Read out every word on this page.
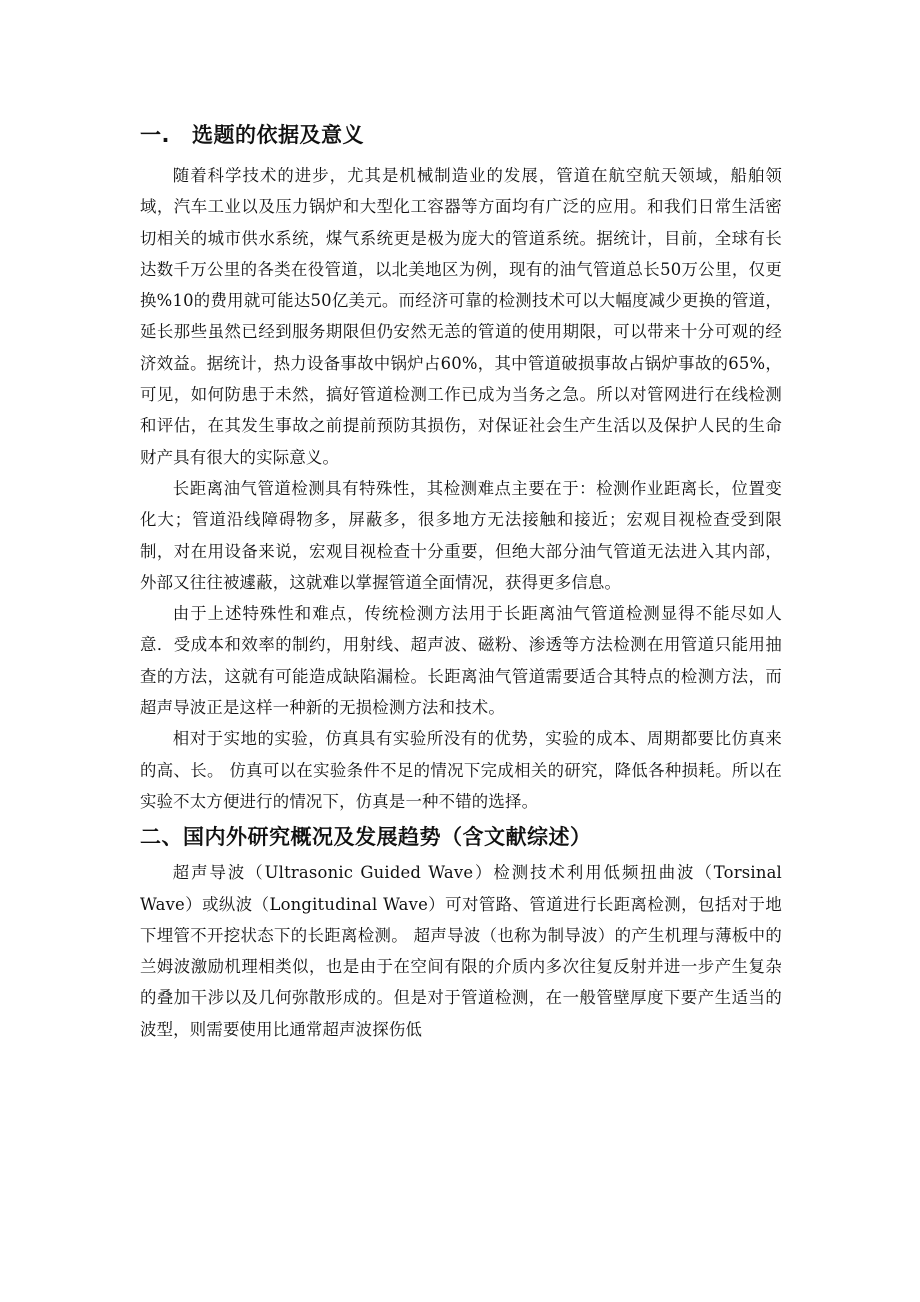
一. 选题的依据及意义

随着科学技术的进步，尤其是机械制造业的发展，管道在航空航天领域，船舶领域，汽车工业以及压力锅炉和大型化工容器等方面均有广泛的应用。和我们日常生活密切相关的城市供水系统，煤气系统更是极为庞大的管道系统。据统计，目前，全球有长达数千万公里的各类在役管道，以北美地区为例，现有的油气管道总长50万公里，仅更换%10的费用就可能达50亿美元。而经济可靠的检测技术可以大幅度减少更换的管道，延长那些虽然已经到服务期限但仍安然无恙的管道的使用期限，可以带来十分可观的经济效益。据统计，热力设备事故中锅炉占60%，其中管道破损事故占锅炉事故的65%，可见，如何防患于未然，搞好管道检测工作已成为当务之急。所以对管网进行在线检测和评估，在其发生事故之前提前预防其损伤，对保证社会生产生活以及保护人民的生命财产具有很大的实际意义。

长距离油气管道检测具有特殊性，其检测难点主要在于：检测作业距离长，位置变化大；管道沿线障碍物多，屏蔽多，很多地方无法接触和接近；宏观目视检查受到限制，对在用设备来说，宏观目视检查十分重要，但绝大部分油气管道无法进入其内部，外部又往往被遽蔽，这就难以掌握管道全面情况，获得更多信息。

由于上述特殊性和难点，传统检测方法用于长距离油气管道检测显得不能尽如人意．受成本和效率的制约，用射线、超声波、磁粉、渗透等方法检测在用管道只能用抽查的方法，这就有可能造成缺陷漏检。长距离油气管道需要适合其特点的检测方法，而超声导波正是这样一种新的无损检测方法和技术。

相对于实地的实验，仿真具有实验所没有的优势，实验的成本、周期都要比仿真来的高、长。 仿真可以在实验条件不足的情况下完成相关的研究，降低各种损耗。所以在实验不太方便进行的情况下，仿真是一种不错的选择。

二、国内外研究概况及发展趋势（含文献综述）

超声导波（Ultrasonic Guided Wave）检测技术利用低频扭曲波（Torsinal Wave）或纵波（Longitudinal Wave）可对管路、管道进行长距离检测，包括对于地下埋管不开挖状态下的长距离检测。 超声导波（也称为制导波）的产生机理与薄板中的兰姆波激励机理相类似，也是由于在空间有限的介质内多次往复反射并进一步产生复杂的叠加干涉以及几何弥散形成的。但是对于管道检测，在一般管壁厚度下要产生适当的波型，则需要使用比通常超声波探伤低
